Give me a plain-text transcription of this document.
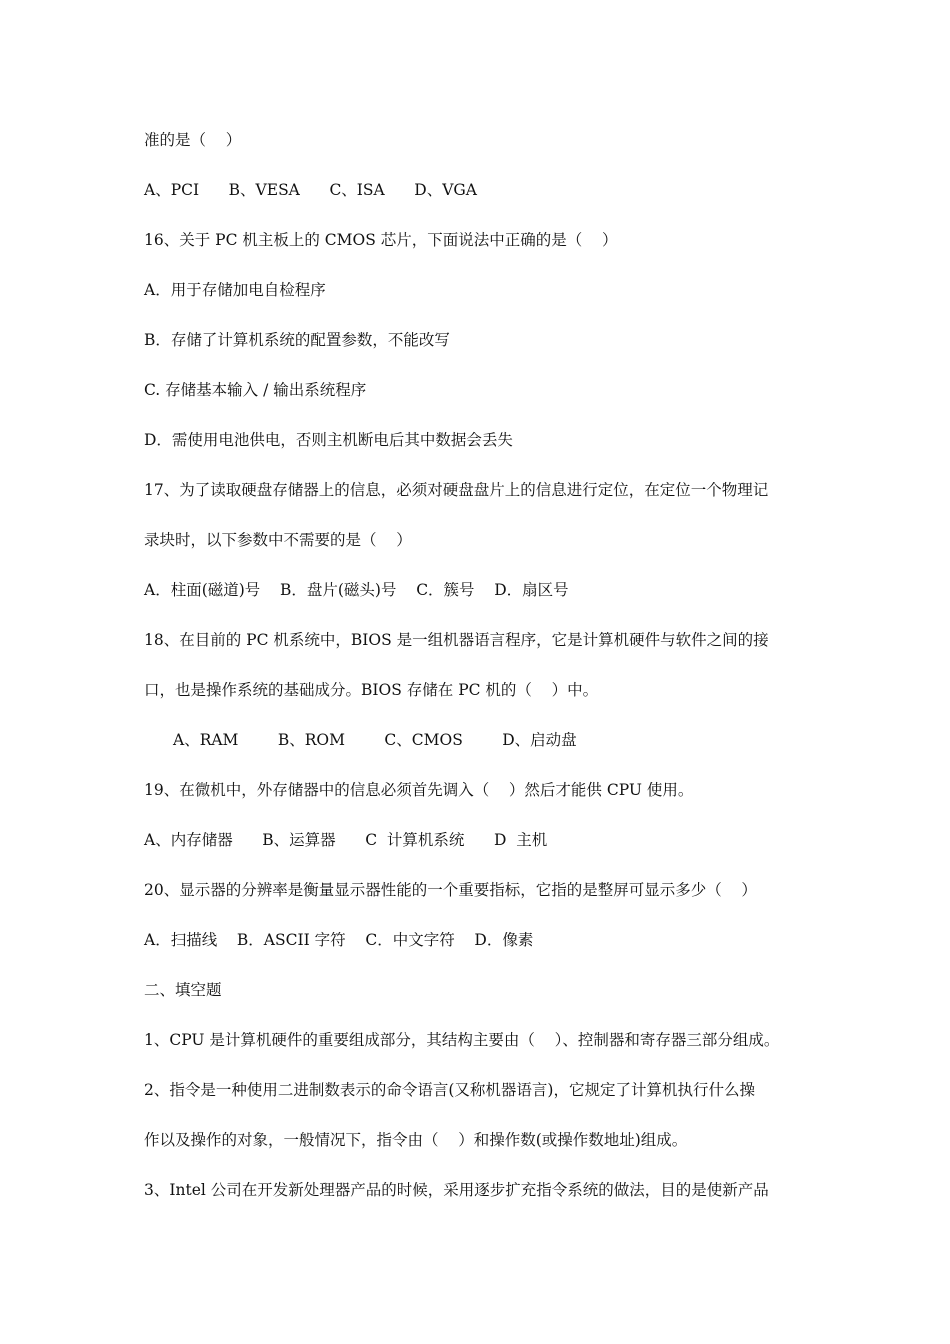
准的是（    ）
A、PCI      B、VESA      C、ISA      D、VGA
16、关于 PC 机主板上的 CMOS 芯片，下面说法中正确的是（    ）
A．用于存储加电自检程序
B．存储了计算机系统的配置参数，不能改写
C. 存储基本输入 / 输出系统程序
D．需使用电池供电，否则主机断电后其中数据会丢失
17、为了读取硬盘存储器上的信息，必须对硬盘盘片上的信息进行定位，在定位一个物理记
录块时，以下参数中不需要的是（    ）
A．柱面(磁道)号    B．盘片(磁头)号    C．簇号    D．扇区号
18、在目前的 PC 机系统中，BIOS 是一组机器语言程序，它是计算机硬件与软件之间的接
口，也是操作系统的基础成分。BIOS 存储在 PC 机的（    ）中。
A、RAM        B、ROM        C、CMOS        D、启动盘
19、在微机中，外存储器中的信息必须首先调入（    ）然后才能供 CPU 使用。
A、内存储器      B、运算器      C  计算机系统      D  主机
20、显示器的分辨率是衡量显示器性能的一个重要指标，它指的是整屏可显示多少（    ）
A．扫描线    B．ASCII 字符    C．中文字符    D．像素
二、填空题
1、CPU 是计算机硬件的重要组成部分，其结构主要由（    ）、控制器和寄存器三部分组成。
2、指令是一种使用二进制数表示的命令语言(又称机器语言)，它规定了计算机执行什么操
作以及操作的对象，一般情况下，指令由（    ）和操作数(或操作数地址)组成。
3、Intel 公司在开发新处理器产品的时候，采用逐步扩充指令系统的做法，目的是使新产品
